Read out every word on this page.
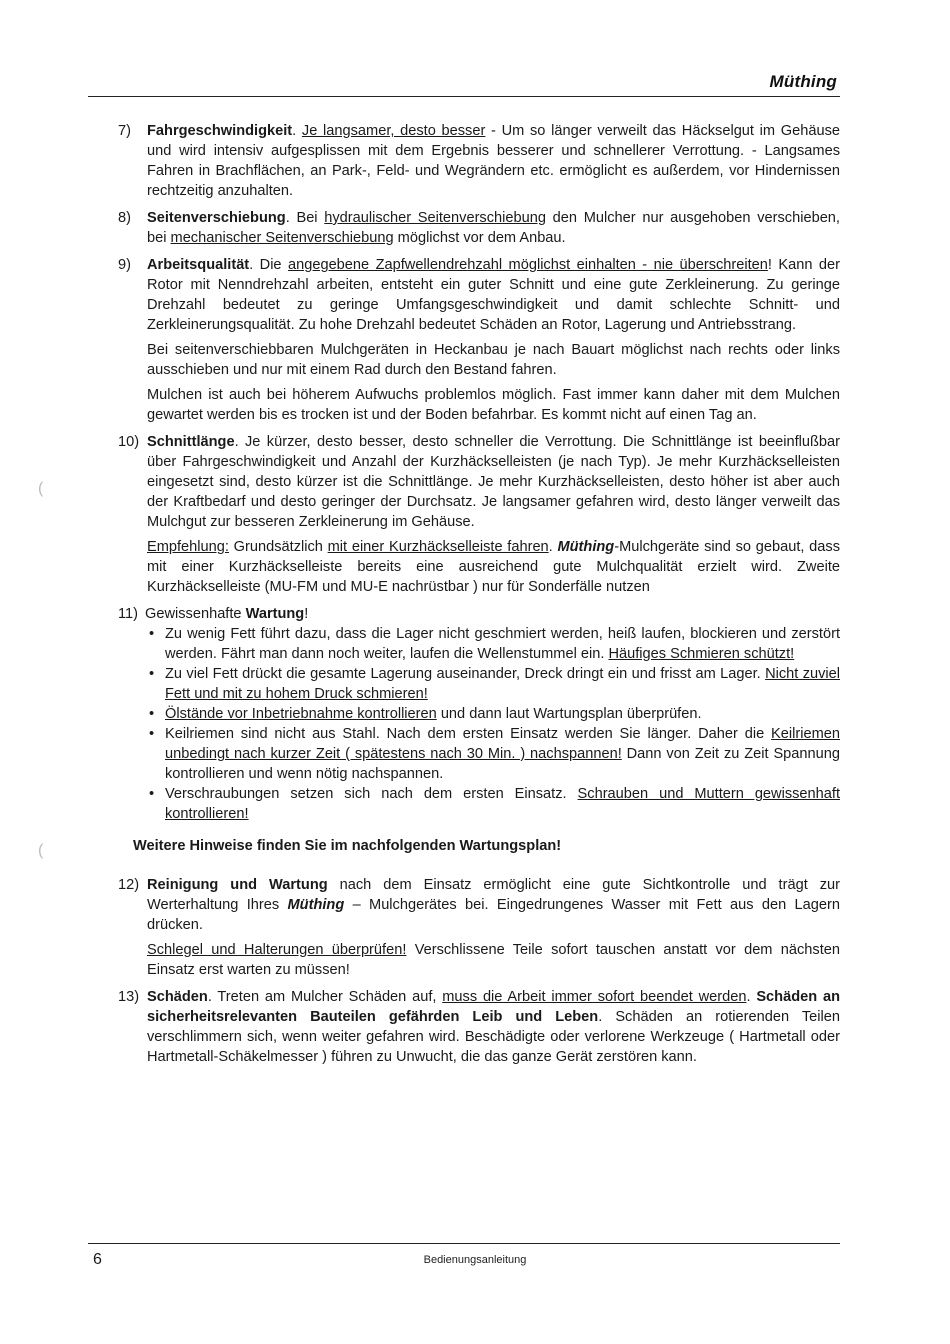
Müthing
7)	Fahrgeschwindigkeit. Je langsamer, desto besser - Um so länger verweilt das Häckselgut im Gehäuse und wird intensiv aufgesplissen mit dem Ergebnis besserer und schnellerer Verrottung. - Langsames Fahren in Brachflächen, an Park-, Feld- und Wegrändern etc. ermöglicht es außerdem, vor Hindernissen rechtzeitig anzuhalten.

8)	Seitenverschiebung. Bei hydraulischer Seitenverschiebung den Mulcher nur ausgehoben verschieben, bei mechanischer Seitenverschiebung möglichst vor dem Anbau.

9)	Arbeitsqualität. Die angegebene Zapfwellendrehzahl möglichst einhalten - nie überschreiten! Kann der Rotor mit Nenndrehzahl arbeiten, entsteht ein guter Schnitt und eine gute Zerkleinerung. Zu geringe Drehzahl bedeutet zu geringe Umfangsgeschwindigkeit und damit schlechte Schnitt- und Zerkleinerungsqualität. Zu hohe Drehzahl bedeutet Schäden an Rotor, Lagerung und Antriebsstrang.

Bei seitenverschiebbaren Mulchgeräten in Heckanbau je nach Bauart möglichst nach rechts oder links ausschieben und nur mit einem Rad durch den Bestand fahren.

Mulchen ist auch bei höherem Aufwuchs problemlos möglich. Fast immer kann daher mit dem Mulchen gewartet werden bis es trocken ist und der Boden befahrbar. Es kommt nicht auf einen Tag an.

10) Schnittlänge. Je kürzer, desto besser, desto schneller die Verrottung. Die Schnittlänge ist beeinflußbar über Fahrgeschwindigkeit und Anzahl der Kurzhäckselleisten (je nach Typ). Je mehr Kurzhäckselleisten eingesetzt sind, desto kürzer ist die Schnittlänge. Je mehr Kurzhäckselleisten, desto höher ist aber auch der Kraftbedarf und desto geringer der Durchsatz. Je langsamer gefahren wird, desto länger verweilt das Mulchgut zur besseren Zerkleinerung im Gehäuse.

Empfehlung: Grundsätzlich mit einer Kurzhäckselleiste fahren. Müthing-Mulchgeräte sind so gebaut, dass mit einer Kurzhäckselleiste bereits eine ausreichend gute Mulchqualität erzielt wird. Zweite Kurzhäckselleiste (MU-FM und MU-E nachrüstbar ) nur für Sonderfälle nutzen

11) Gewissenhafte Wartung!

• Zu wenig Fett führt dazu, dass die Lager nicht geschmiert werden, heiß laufen, blockieren und zerstört werden. Fährt man dann noch weiter, laufen die Wellenstummel ein. Häufiges Schmieren schützt!
• Zu viel Fett drückt die gesamte Lagerung auseinander, Dreck dringt ein und frisst am Lager. Nicht zuviel Fett und mit zu hohem Druck schmieren!
• Ölstände vor Inbetriebnahme kontrollieren und dann laut Wartungsplan überprüfen.
• Keilriemen sind nicht aus Stahl. Nach dem ersten Einsatz werden Sie länger. Daher die Keilriemen unbedingt nach kurzer Zeit ( spätestens nach 30 Min. ) nachspannen! Dann von Zeit zu Zeit Spannung kontrollieren und wenn nötig nachspannen.
• Verschraubungen setzen sich nach dem ersten Einsatz. Schrauben und Muttern gewissenhaft kontrollieren!
Weitere Hinweise finden Sie im nachfolgenden Wartungsplan!
12) Reinigung und Wartung nach dem Einsatz ermöglicht eine gute Sichtkontrolle und trägt zur Werterhaltung Ihres Müthing – Mulchgerätes bei. Eingedrungenes Wasser mit Fett aus den Lagern drücken.

Schlegel und Halterungen überprüfen! Verschlissene Teile sofort tauschen anstatt vor dem nächsten Einsatz erst warten zu müssen!

13) Schäden. Treten am Mulcher Schäden auf, muss die Arbeit immer sofort beendet werden. Schäden an sicherheitsrelevanten Bauteilen gefährden Leib und Leben. Schäden an rotierenden Teilen verschlimmern sich, wenn weiter gefahren wird. Beschädigte oder verlorene Werkzeuge ( Hartmetall oder Hartmetall-Schäkelmesser ) führen zu Unwucht, die das ganze Gerät zerstören kann.

(
(
6	Bedienungsanleitung
